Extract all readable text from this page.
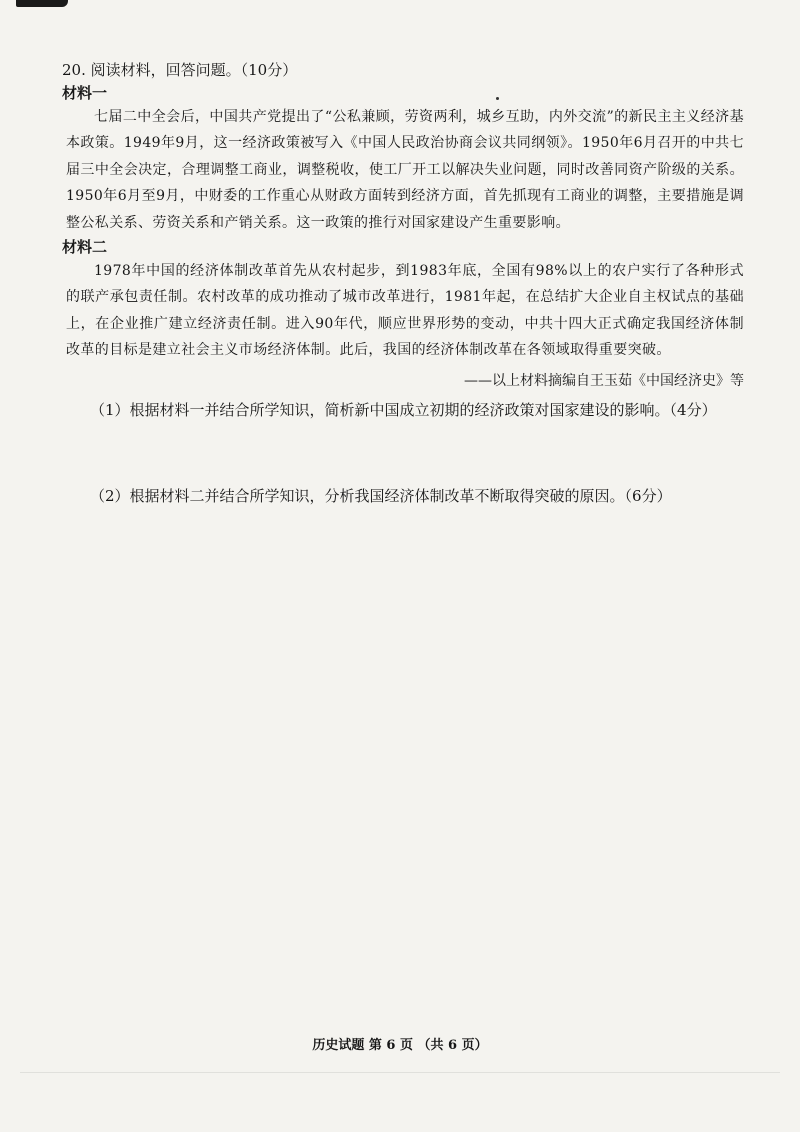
20. 阅读材料，回答问题。（10分）

材料一

七届二中全会后，中国共产党提出了“公私兼顾，劳资两利，城乡互助，内外交流”的新民主主义经济基本政策。1949年9月，这一经济政策被写入《中国人民政治协商会议共同纲领》。1950年6月召开的中共七届三中全会决定，合理调整工商业，调整税收，使工厂开工以解决失业问题，同时改善同资产阶级的关系。1950年6月至9月，中财委的工作重心从财政方面转到经济方面，首先抓现有工商业的调整，主要措施是调整公私关系、劳资关系和产销关系。这一政策的推行对国家建设产生重要影响。

材料二

1978年中国的经济体制改革首先从农村起步，到1983年底，全国有98%以上的农户实行了各种形式的联产承包责任制。农村改革的成功推动了城市改革进行，1981年起，在总结扩大企业自主权试点的基础上，在企业推广建立经济责任制。进入90年代，顺应世界形势的变动，中共十四大正式确定我国经济体制改革的目标是建立社会主义市场经济体制。此后，我国的经济体制改革在各领域取得重要突破。

——以上材料摘编自王玉茹《中国经济史》等

（1）根据材料一并结合所学知识，简析新中国成立初期的经济政策对国家建设的影响。（4分）

（2）根据材料二并结合所学知识，分析我国经济体制改革不断取得突破的原因。（6分）

历史试题 第 6 页 （共 6 页）
